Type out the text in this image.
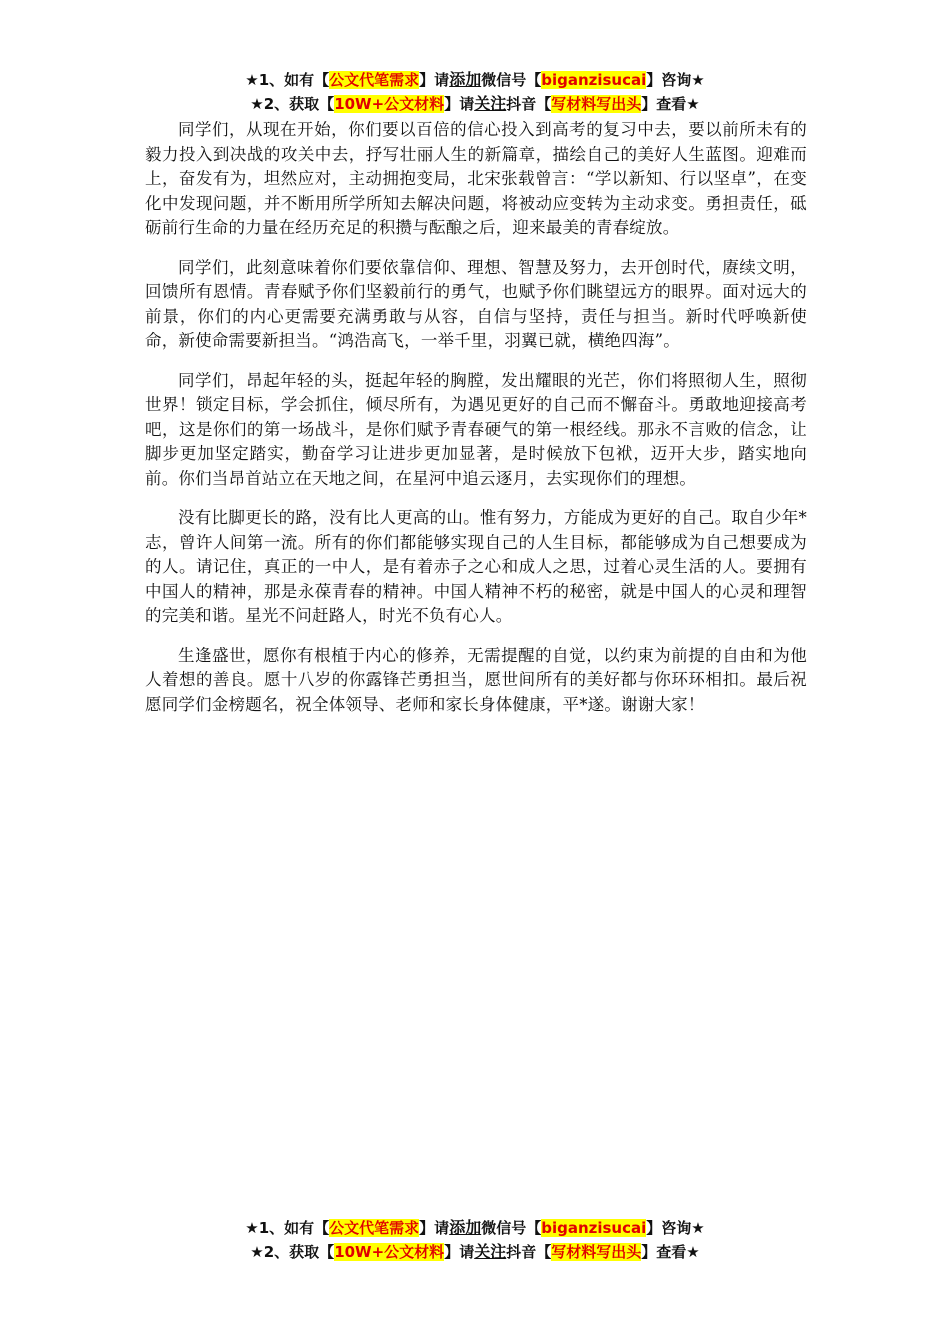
★1、如有【公文代笔需求】请添加微信号【biganzisucai】咨询★
★2、获取【10W+公文材料】请关注抖音【写材料写出头】查看★

同学们，从现在开始，你们要以百倍的信心投入到高考的复习中去，要以前所未有的毅力投入到决战的攻关中去，抒写壮丽人生的新篇章，描绘自己的美好人生蓝图。迎难而上，奋发有为，坦然应对，主动拥抱变局，北宋张载曾言：“学以新知、行以坚卓”，在变化中发现问题，并不断用所学所知去解决问题，将被动应变转为主动求变。勇担责任，砥砺前行生命的力量在经历充足的积攒与酝酿之后，迎来最美的青春绽放。

同学们，此刻意味着你们要依靠信仰、理想、智慧及努力，去开创时代，赓续文明，回馈所有恩情。青春赋予你们坚毅前行的勇气，也赋予你们眺望远方的眼界。面对远大的前景，你们的内心更需要充满勇敢与从容，自信与坚持，责任与担当。新时代呼唤新使命，新使命需要新担当。“鸿浩高飞，一举千里，羽翼已就，横绝四海”。

同学们，昂起年轻的头，挺起年轻的胸膛，发出耀眼的光芒，你们将照彻人生，照彻世界！锁定目标，学会抓住，倾尽所有，为遇见更好的自己而不懈奋斗。勇敢地迎接高考吧，这是你们的第一场战斗，是你们赋予青春硬气的第一根经线。那永不言败的信念，让脚步更加坚定踏实，勤奋学习让进步更加显著，是时候放下包袱，迈开大步，踏实地向前。你们当昂首站立在天地之间，在星河中追云逐月，去实现你们的理想。

没有比脚更长的路，没有比人更高的山。惟有努力，方能成为更好的自己。取自少年*志，曾许人间第一流。所有的你们都能够实现自己的人生目标，都能够成为自己想要成为的人。请记住，真正的一中人，是有着赤子之心和成人之思，过着心灵生活的人。要拥有中国人的精神，那是永葆青春的精神。中国人精神不朽的秘密，就是中国人的心灵和理智的完美和谐。星光不问赶路人，时光不负有心人。

生逢盛世，愿你有根植于内心的修养，无需提醒的自觉，以约束为前提的自由和为他人着想的善良。愿十八岁的你露锋芒勇担当，愿世间所有的美好都与你环环相扣。最后祝愿同学们金榜题名，祝全体领导、老师和家长身体健康，平*遂。谢谢大家！

★1、如有【公文代笔需求】请添加微信号【biganzisucai】咨询★
★2、获取【10W+公文材料】请关注抖音【写材料写出头】查看★
